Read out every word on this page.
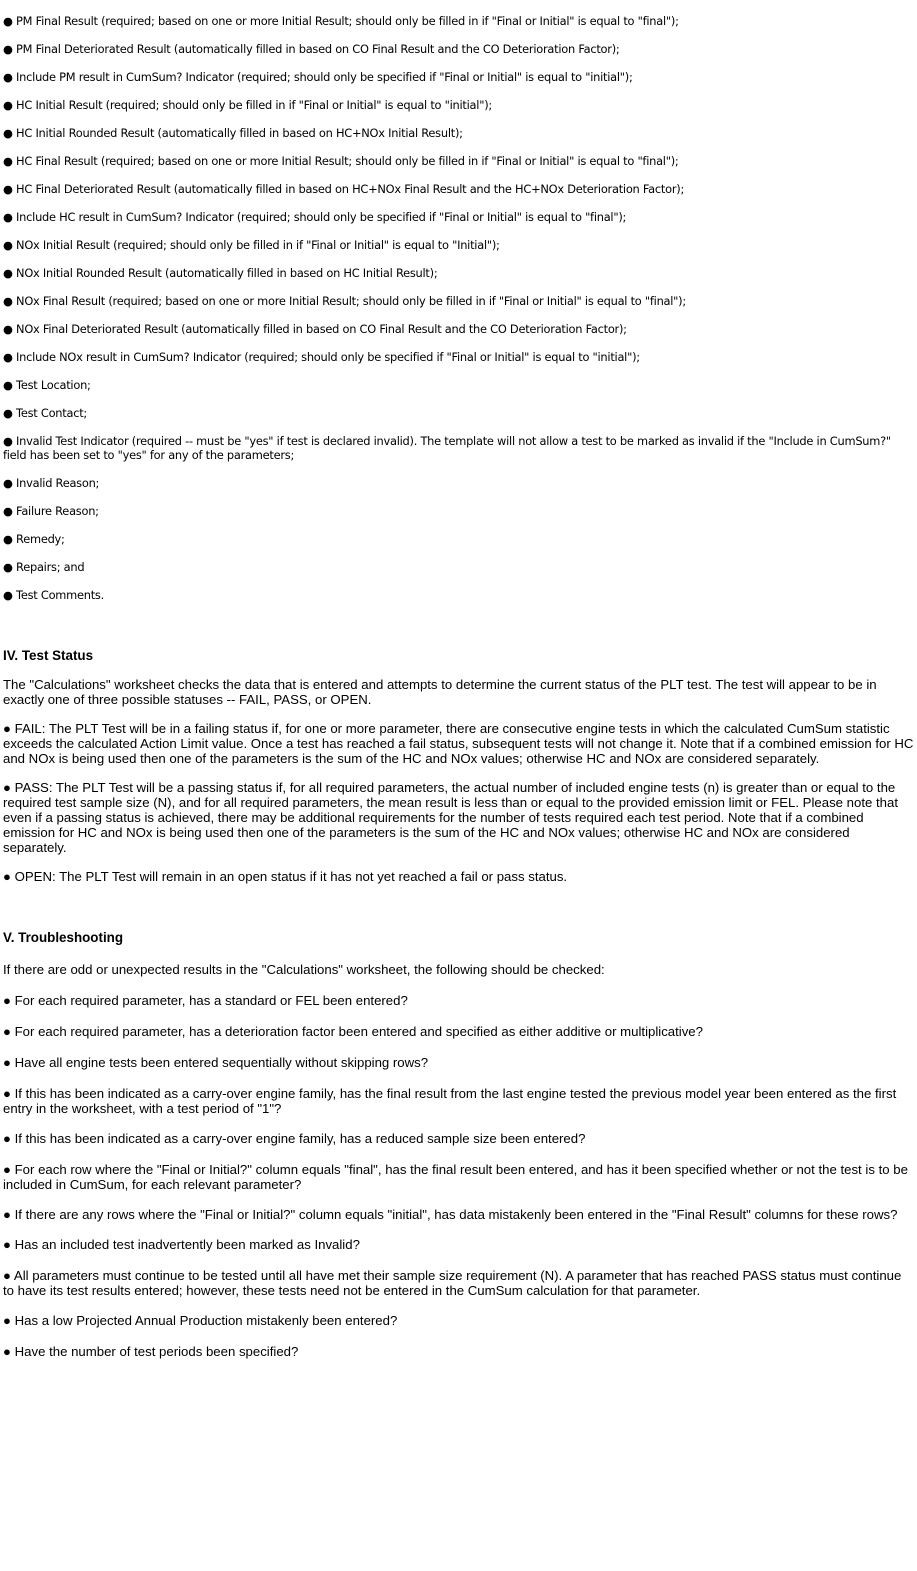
● PM Final Result (required; based on one or more Initial Result; should only be filled in if "Final or Initial" is equal to "final");
● PM Final Deteriorated Result (automatically filled in based on CO Final Result and the CO Deterioration Factor);
● Include PM result in CumSum? Indicator (required; should only be specified if "Final or Initial" is equal to "initial");
● HC Initial Result (required; should only be filled in if "Final or Initial" is equal to "initial");
● HC Initial Rounded Result (automatically filled in based on HC+NOx Initial Result);
● HC Final Result (required; based on one or more Initial Result; should only be filled in if "Final or Initial" is equal to "final");
● HC Final Deteriorated Result (automatically filled in based on HC+NOx Final Result and the HC+NOx Deterioration Factor);
● Include HC result in CumSum? Indicator (required; should only be specified if "Final or Initial" is equal to "final");
● NOx Initial Result (required; should only be filled in if "Final or Initial" is equal to "Initial");
● NOx Initial Rounded Result (automatically filled in based on HC Initial Result);
● NOx Final Result (required; based on one or more Initial Result; should only be filled in if "Final or Initial" is equal to "final");
● NOx Final Deteriorated Result (automatically filled in based on CO Final Result and the CO Deterioration Factor);
● Include NOx result in CumSum? Indicator (required; should only be specified if "Final or Initial" is equal to "initial");
● Test Location;
● Test Contact;
● Invalid Test Indicator (required -- must be "yes" if test is declared invalid). The template will not allow a test to be marked as invalid if the "Include in CumSum?" field has been set to "yes" for any of the parameters;
● Invalid Reason;
● Failure Reason;
● Remedy;
● Repairs; and
● Test Comments.
IV. Test Status
The "Calculations" worksheet checks the data that is entered and attempts to determine the current status of the PLT test. The test will appear to be in exactly one of three possible statuses -- FAIL, PASS, or OPEN.
● FAIL: The PLT Test will be in a failing status if, for one or more parameter, there are consecutive engine tests in which the calculated CumSum statistic exceeds the calculated Action Limit value. Once a test has reached a fail status, subsequent tests will not change it. Note that if a combined emission for HC and NOx is being used then one of the parameters is the sum of the HC and NOx values; otherwise HC and NOx are considered separately.
● PASS: The PLT Test will be a passing status if, for all required parameters, the actual number of included engine tests (n) is greater than or equal to the required test sample size (N), and for all required parameters, the mean result is less than or equal to the provided emission limit or FEL. Please note that even if a passing status is achieved, there may be additional requirements for the number of tests required each test period. Note that if a combined emission for HC and NOx is being used then one of the parameters is the sum of the HC and NOx values; otherwise HC and NOx are considered separately.
● OPEN: The PLT Test will remain in an open status if it has not yet reached a fail or pass status.
V. Troubleshooting
If there are odd or unexpected results in the "Calculations" worksheet, the following should be checked:
● For each required parameter, has a standard or FEL been entered?
● For each required parameter, has a deterioration factor been entered and specified as either additive or multiplicative?
● Have all engine tests been entered sequentially without skipping rows?
● If this has been indicated as a carry-over engine family, has the final result from the last engine tested the previous model year been entered as the first entry in the worksheet, with a test period of "1"?
● If this has been indicated as a carry-over engine family, has a reduced sample size been entered?
● For each row where the "Final or Initial?" column equals "final", has the final result been entered, and has it been specified whether or not the test is to be included in CumSum, for each relevant parameter?
● If there are any rows where the "Final or Initial?" column equals "initial", has data mistakenly been entered in the "Final Result" columns for these rows?
● Has an included test inadvertently been marked as Invalid?
● All parameters must continue to be tested until all have met their sample size requirement (N). A parameter that has reached PASS status must continue to have its test results entered; however, these tests need not be entered in the CumSum calculation for that parameter.
● Has a low Projected Annual Production mistakenly been entered?
● Have the number of test periods been specified?
